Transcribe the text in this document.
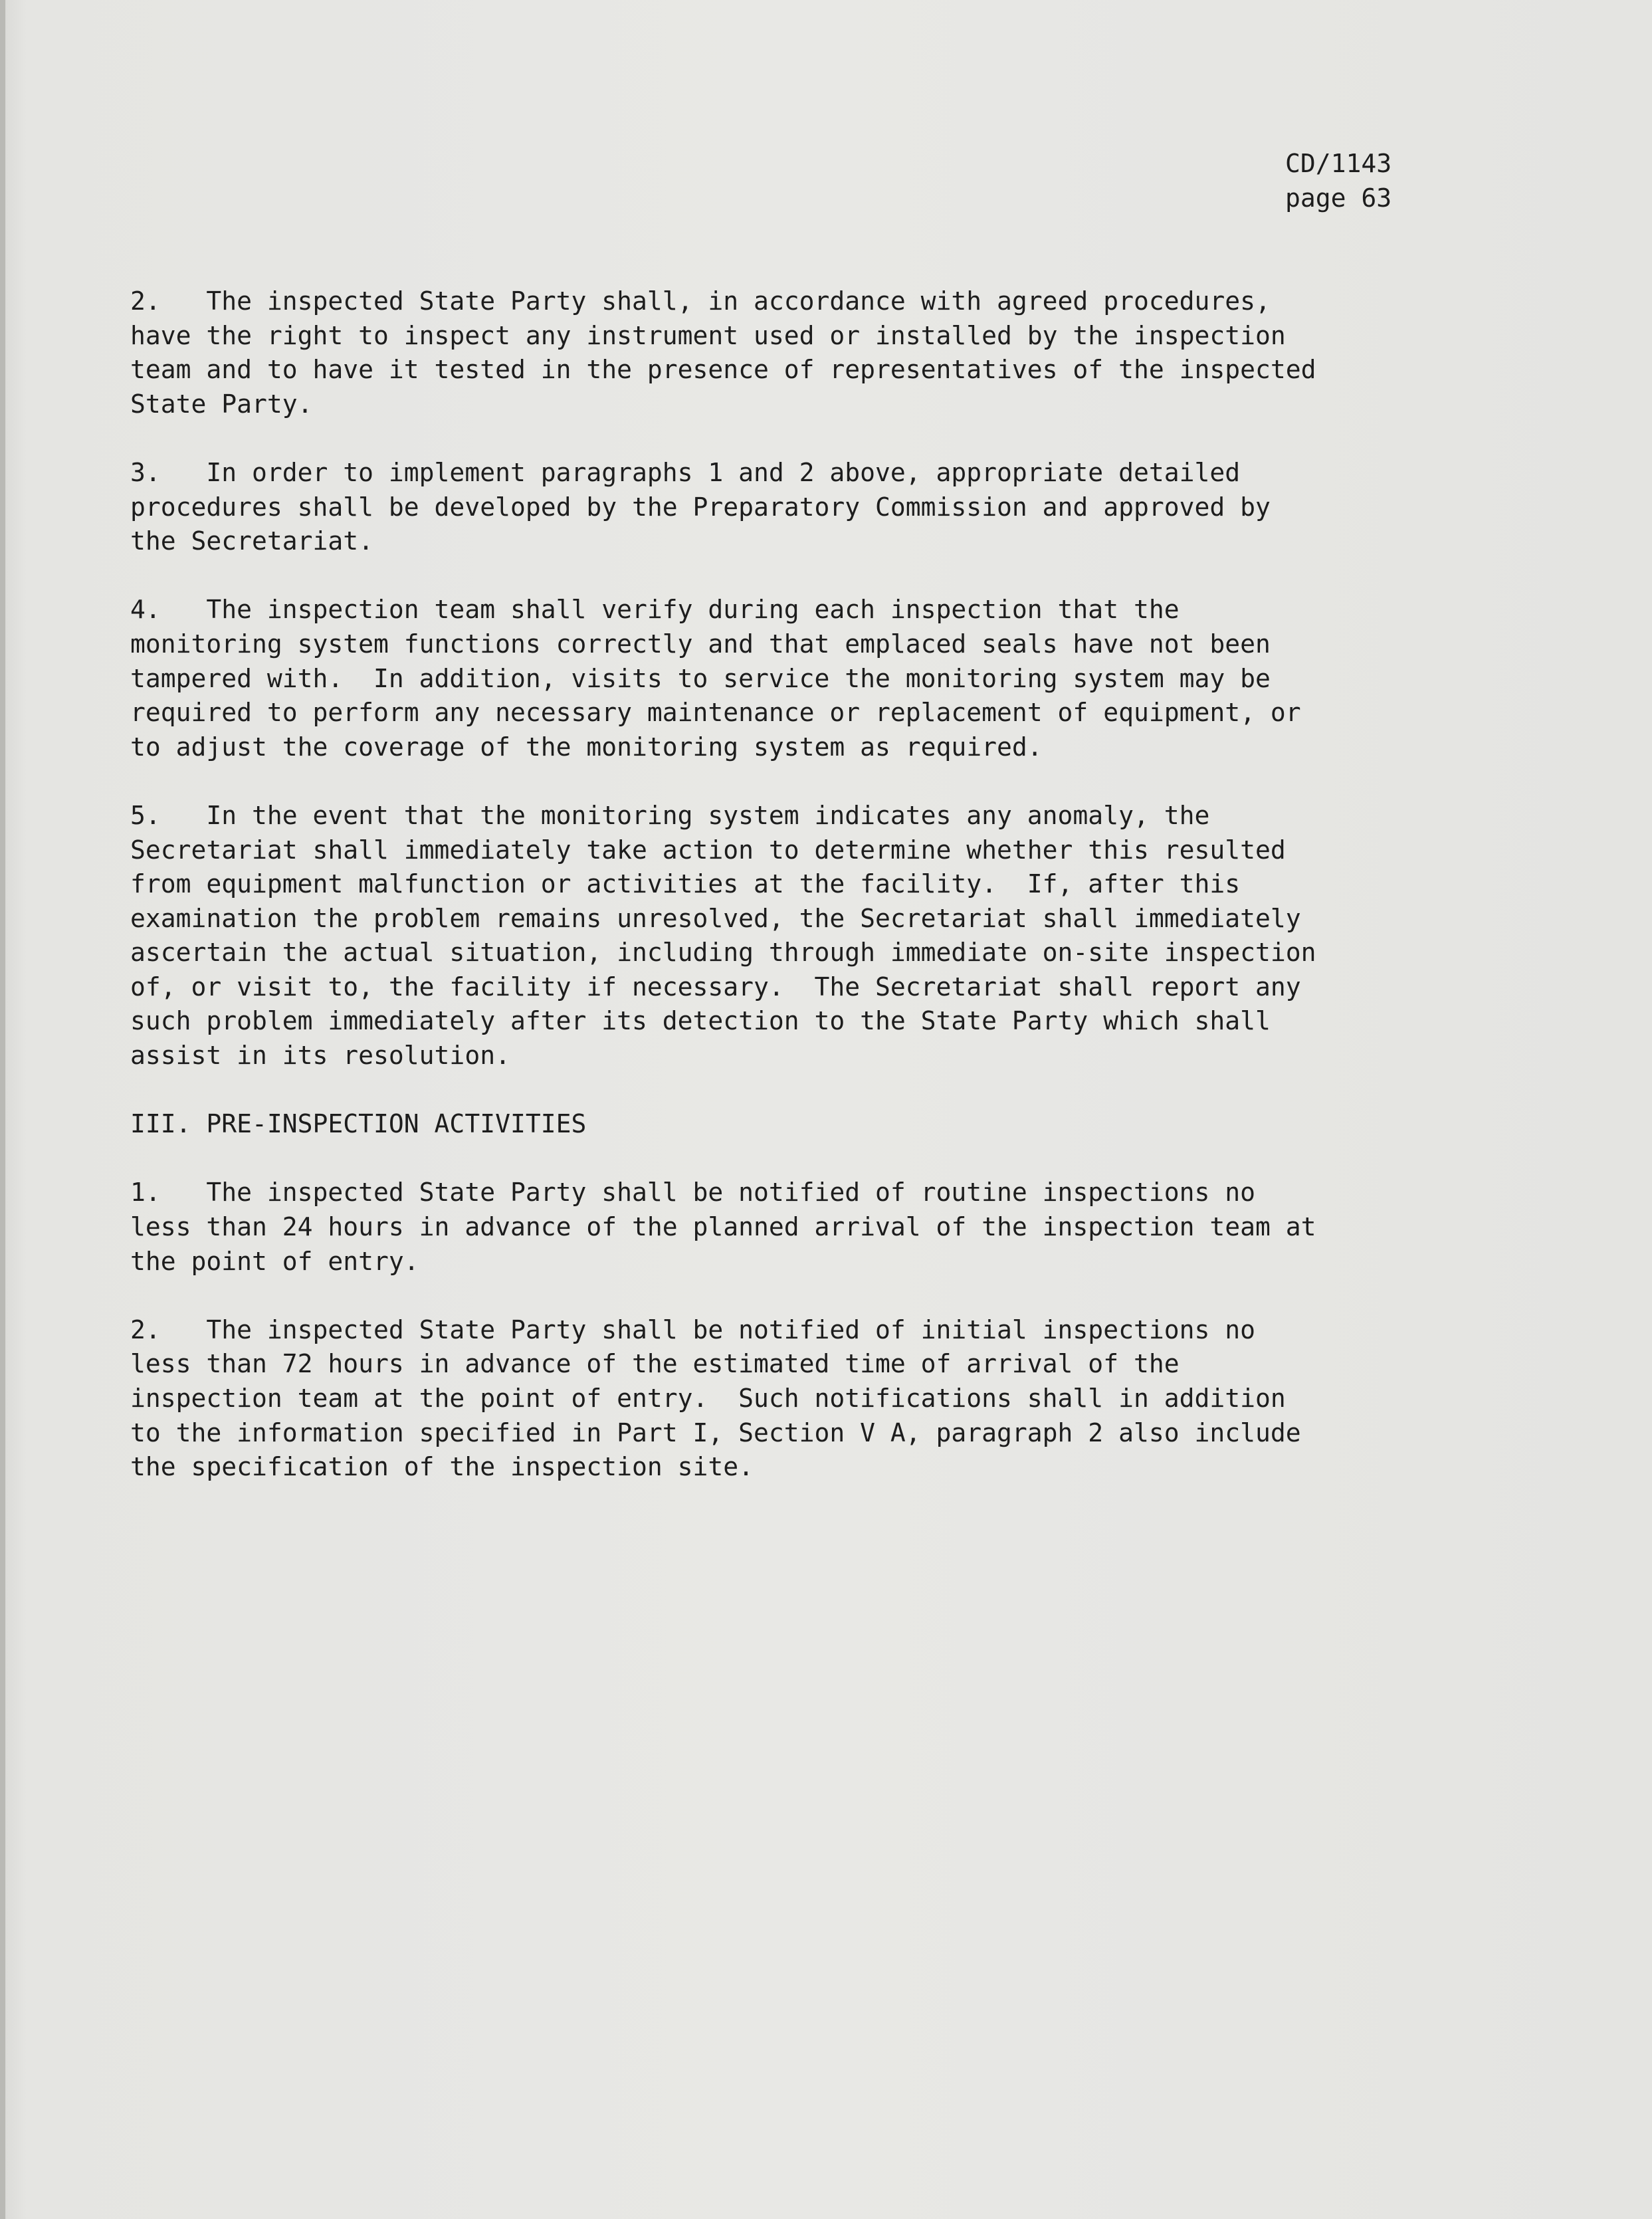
CD/1143
page 63
2.   The inspected State Party shall, in accordance with agreed procedures,
have the right to inspect any instrument used or installed by the inspection
team and to have it tested in the presence of representatives of the inspected
State Party.
3.   In order to implement paragraphs 1 and 2 above, appropriate detailed
procedures shall be developed by the Preparatory Commission and approved by
the Secretariat.
4.   The inspection team shall verify during each inspection that the
monitoring system functions correctly and that emplaced seals have not been
tampered with.  In addition, visits to service the monitoring system may be
required to perform any necessary maintenance or replacement of equipment, or
to adjust the coverage of the monitoring system as required.
5.   In the event that the monitoring system indicates any anomaly, the
Secretariat shall immediately take action to determine whether this resulted
from equipment malfunction or activities at the facility.  If, after this
examination the problem remains unresolved, the Secretariat shall immediately
ascertain the actual situation, including through immediate on-site inspection
of, or visit to, the facility if necessary.  The Secretariat shall report any
such problem immediately after its detection to the State Party which shall
assist in its resolution.
III. PRE-INSPECTION ACTIVITIES
1.   The inspected State Party shall be notified of routine inspections no
less than 24 hours in advance of the planned arrival of the inspection team at
the point of entry.
2.   The inspected State Party shall be notified of initial inspections no
less than 72 hours in advance of the estimated time of arrival of the
inspection team at the point of entry.  Such notifications shall in addition
to the information specified in Part I, Section V A, paragraph 2 also include
the specification of the inspection site.
